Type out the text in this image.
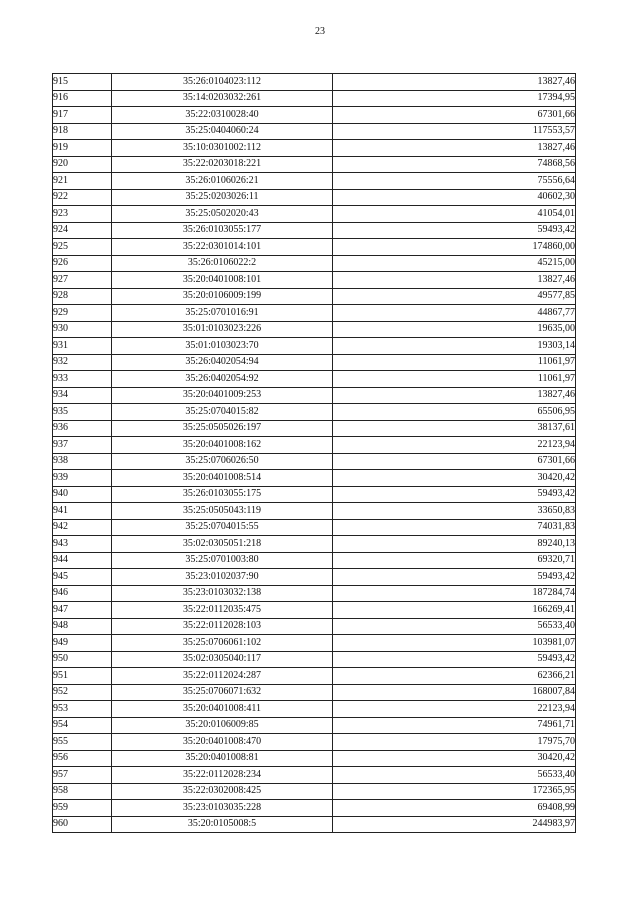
23
915	35:26:0104023:112	13827,46
916	35:14:0203032:261	17394,95
917	35:22:0310028:40	67301,66
918	35:25:0404060:24	117553,57
919	35:10:0301002:112	13827,46
920	35:22:0203018:221	74868,56
921	35:26:0106026:21	75556,64
922	35:25:0203026:11	40602,30
923	35:25:0502020:43	41054,01
924	35:26:0103055:177	59493,42
925	35:22:0301014:101	174860,00
926	35:26:0106022:2	45215,00
927	35:20:0401008:101	13827,46
928	35:20:0106009:199	49577,85
929	35:25:0701016:91	44867,77
930	35:01:0103023:226	19635,00
931	35:01:0103023:70	19303,14
932	35:26:0402054:94	11061,97
933	35:26:0402054:92	11061,97
934	35:20:0401009:253	13827,46
935	35:25:0704015:82	65506,95
936	35:25:0505026:197	38137,61
937	35:20:0401008:162	22123,94
938	35:25:0706026:50	67301,66
939	35:20:0401008:514	30420,42
940	35:26:0103055:175	59493,42
941	35:25:0505043:119	33650,83
942	35:25:0704015:55	74031,83
943	35:02:0305051:218	89240,13
944	35:25:0701003:80	69320,71
945	35:23:0102037:90	59493,42
946	35:23:0103032:138	187284,74
947	35:22:0112035:475	166269,41
948	35:22:0112028:103	56533,40
949	35:25:0706061:102	103981,07
950	35:02:0305040:117	59493,42
951	35:22:0112024:287	62366,21
952	35:25:0706071:632	168007,84
953	35:20:0401008:411	22123,94
954	35:20:0106009:85	74961,71
955	35:20:0401008:470	17975,70
956	35:20:0401008:81	30420,42
957	35:22:0112028:234	56533,40
958	35:22:0302008:425	172365,95
959	35:23:0103035:228	69408,99
960	35:20:0105008:5	244983,97
